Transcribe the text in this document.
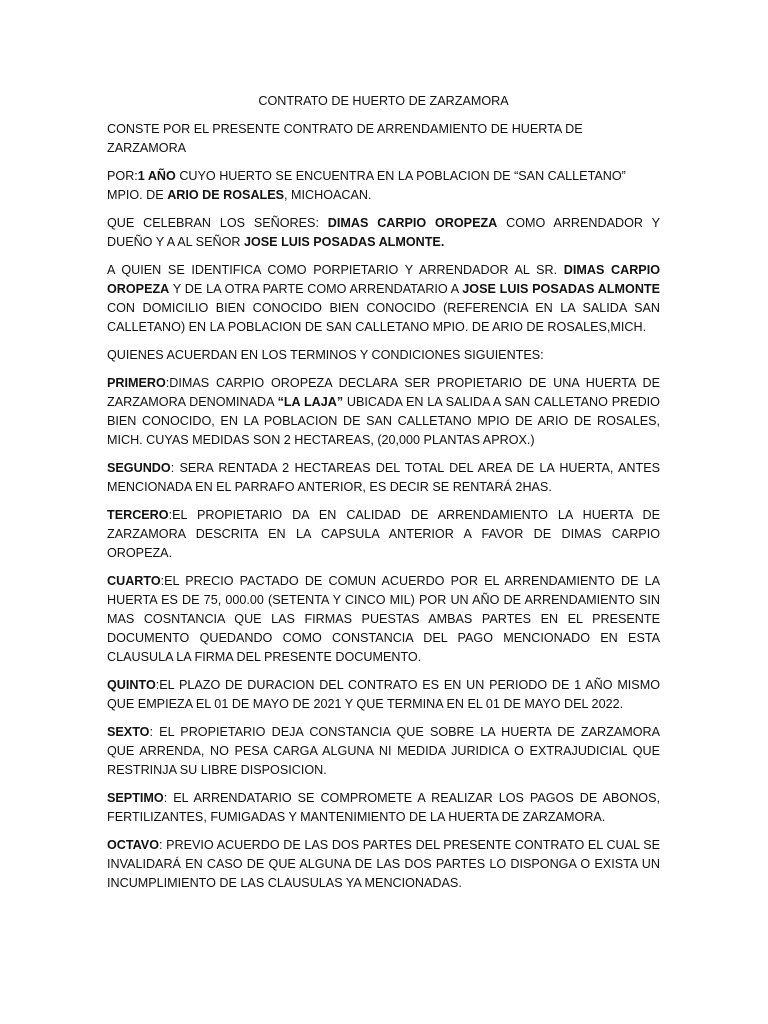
CONTRATO DE HUERTO DE ZARZAMORA

CONSTE POR EL PRESENTE CONTRATO DE ARRENDAMIENTO DE HUERTA DE ZARZAMORA

POR:1 AÑO CUYO HUERTO SE ENCUENTRA EN LA POBLACION DE “SAN CALLETANO” MPIO. DE ARIO DE ROSALES, MICHOACAN.

QUE CELEBRAN LOS SEÑORES: DIMAS CARPIO OROPEZA COMO ARRENDADOR Y DUEÑO Y A AL SEÑOR JOSE LUIS POSADAS ALMONTE.

A QUIEN SE IDENTIFICA COMO PORPIETARIO Y ARRENDADOR AL SR. DIMAS CARPIO OROPEZA Y DE LA OTRA PARTE COMO ARRENDATARIO A JOSE LUIS POSADAS ALMONTE CON DOMICILIO BIEN CONOCIDO BIEN CONOCIDO (REFERENCIA EN LA SALIDA SAN CALLETANO) EN LA POBLACION DE SAN CALLETANO MPIO. DE ARIO DE ROSALES,MICH.

QUIENES ACUERDAN EN LOS TERMINOS Y CONDICIONES SIGUIENTES:

PRIMERO:DIMAS CARPIO OROPEZA DECLARA SER PROPIETARIO DE UNA HUERTA DE ZARZAMORA DENOMINADA “LA LAJA” UBICADA EN LA SALIDA A SAN CALLETANO PREDIO BIEN CONOCIDO, EN LA POBLACION DE SAN CALLETANO MPIO DE ARIO DE ROSALES, MICH. CUYAS MEDIDAS SON 2 HECTAREAS, (20,000 PLANTAS APROX.)

SEGUNDO: SERA RENTADA 2 HECTAREAS DEL TOTAL DEL AREA DE LA HUERTA, ANTES MENCIONADA EN EL PARRAFO ANTERIOR, ES DECIR SE RENTARÁ 2HAS.

TERCERO:EL PROPIETARIO DA EN CALIDAD DE ARRENDAMIENTO LA HUERTA DE ZARZAMORA DESCRITA EN LA CAPSULA ANTERIOR A FAVOR DE DIMAS CARPIO OROPEZA.

CUARTO:EL PRECIO PACTADO DE COMUN ACUERDO POR EL ARRENDAMIENTO DE LA HUERTA ES DE 75, 000.00 (SETENTA Y CINCO MIL) POR UN AÑO DE ARRENDAMIENTO SIN MAS COSNTANCIA QUE LAS FIRMAS PUESTAS AMBAS PARTES EN EL PRESENTE DOCUMENTO QUEDANDO COMO CONSTANCIA DEL PAGO MENCIONADO EN ESTA CLAUSULA LA FIRMA DEL PRESENTE DOCUMENTO.

QUINTO:EL PLAZO DE DURACION DEL CONTRATO ES EN UN PERIODO DE 1 AÑO MISMO QUE EMPIEZA EL 01 DE MAYO DE 2021 Y QUE TERMINA EN EL 01 DE MAYO DEL 2022.

SEXTO: EL PROPIETARIO DEJA CONSTANCIA QUE SOBRE LA HUERTA DE ZARZAMORA QUE ARRENDA, NO PESA CARGA ALGUNA NI MEDIDA JURIDICA O EXTRAJUDICIAL QUE RESTRINJA SU LIBRE DISPOSICION.

SEPTIMO: EL ARRENDATARIO SE COMPROMETE A REALIZAR LOS PAGOS DE ABONOS, FERTILIZANTES, FUMIGADAS Y MANTENIMIENTO DE LA HUERTA DE ZARZAMORA.

OCTAVO: PREVIO ACUERDO DE LAS DOS PARTES DEL PRESENTE CONTRATO EL CUAL SE INVALIDARÁ EN CASO DE QUE ALGUNA DE LAS DOS PARTES LO DISPONGA O EXISTA UN INCUMPLIMIENTO DE LAS CLAUSULAS YA MENCIONADAS.
